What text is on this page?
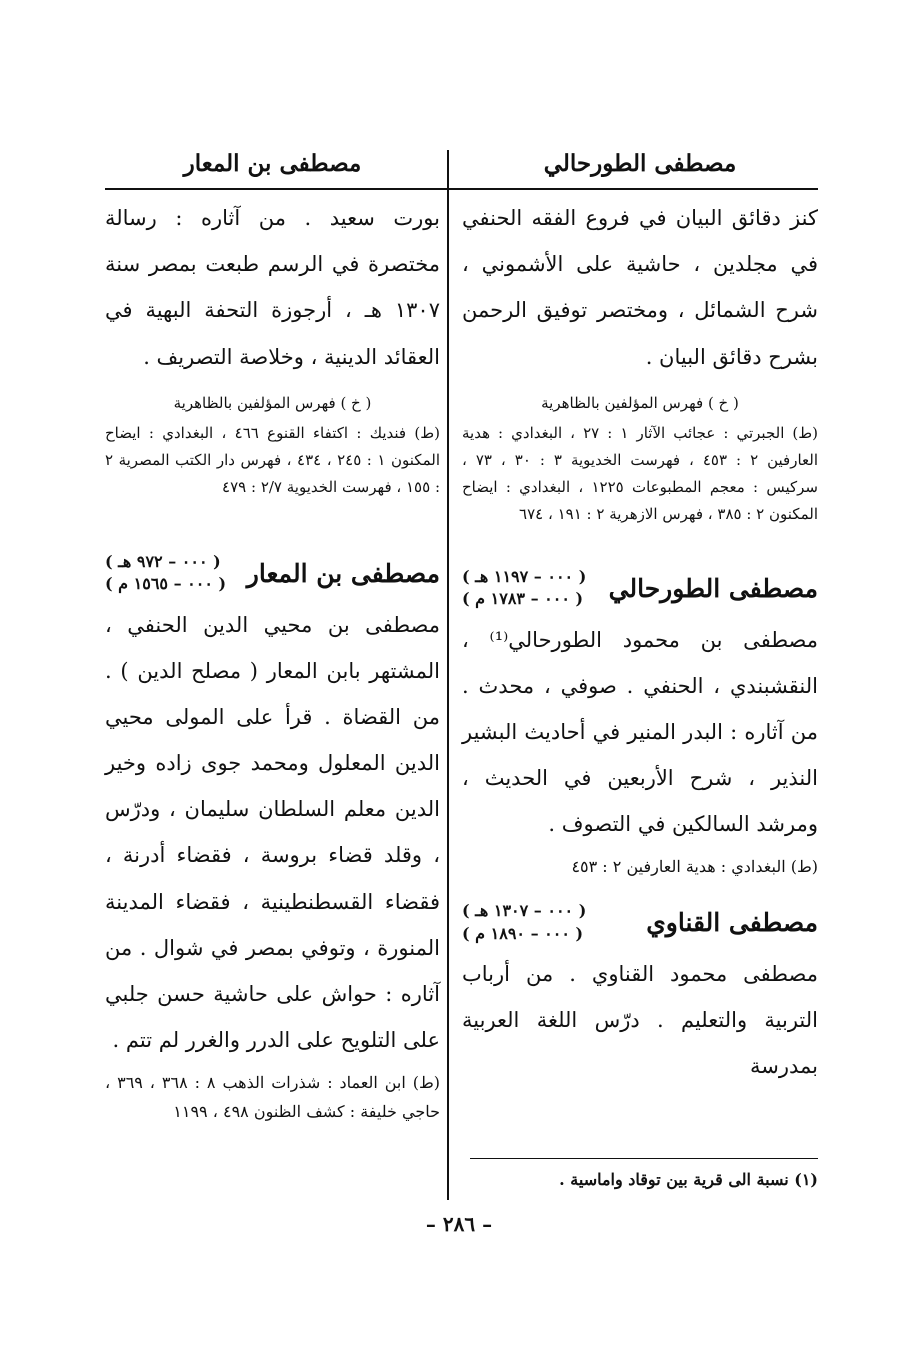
مصطفى الطورحالي
مصطفى بن المعار

كنز دقائق البيان في فروع الفقه الحنفي في مجلدين ، حاشية على الأشموني ، شرح الشمائل ، ومختصر توفيق الرحمن بشرح دقائق البيان .

( خ ) فهرس المؤلفين بالظاهرية

(ط) الجبرتي : عجائب الآثار ١ : ٢٧ ، البغدادي : هدية العارفين ٢ : ٤٥٣ ، فهرست الخديوية ٣ : ٣٠ ، ٧٣ ، سركيس : معجم المطبوعات ١٢٢٥ ، البغدادي : ايضاح المكنون ٢ : ٣٨٥ ، فهرس الازهرية ٢ : ١٩١ ، ٦٧٤

مصطفى الطورحالي
( ٠٠٠ – ١١٩٧ هـ )
( ٠٠٠ – ١٧٨٣ م )

مصطفى بن محمود الطورحالي⁽¹⁾ ، النقشبندي ، الحنفي . صوفي ، محدث . من آثاره : البدر المنير في أحاديث البشير النذير ، شرح الأربعين في الحديث ، ومرشد السالكين في التصوف .

(ط) البغدادي : هدية العارفين ٢ : ٤٥٣

مصطفى القناوي
( ٠٠٠ – ١٣٠٧ هـ )
( ٠٠٠ – ١٨٩٠ م )

مصطفى محمود القناوي . من أرباب التربية والتعليم . درّس اللغة العربية بمدرسة

بورت سعيد . من آثاره : رسالة مختصرة في الرسم طبعت بمصر سنة ١٣٠٧ هـ ، أرجوزة التحفة البهية في العقائد الدينية ، وخلاصة التصريف .

( خ ) فهرس المؤلفين بالظاهرية

(ط) فنديك : اكتفاء القنوع ٤٦٦ ، البغدادي : ايضاح المكنون ١ : ٢٤٥ ، ٤٣٤ ، فهرس دار الكتب المصرية ٢ : ١٥٥ ، فهرست الخديوية ٢/٧ : ٤٧٩

مصطفى بن المعار
( ٠٠٠ – ٩٧٢ هـ )
( ٠٠٠ – ١٥٦٥ م )

مصطفى بن محيي الدين الحنفي ، المشتهر بابن المعار ( مصلح الدين ) . من القضاة . قرأ على المولى محيي الدين المعلول ومحمد جوى زاده وخير الدين معلم السلطان سليمان ، ودرّس ، وقلد قضاء بروسة ، فقضاء أدرنة ، فقضاء القسطنطينية ، فقضاء المدينة المنورة ، وتوفي بمصر في شوال . من آثاره : حواش على حاشية حسن جلبي على التلويح على الدرر والغرر لم تتم .

(ط) ابن العماد : شذرات الذهب ٨ : ٣٦٨ ، ٣٦٩ ، حاجي خليفة : كشف الظنون ٤٩٨ ، ١١٩٩

(١) نسبة الى قرية بين توقاد واماسية .
– ٢٨٦ –
